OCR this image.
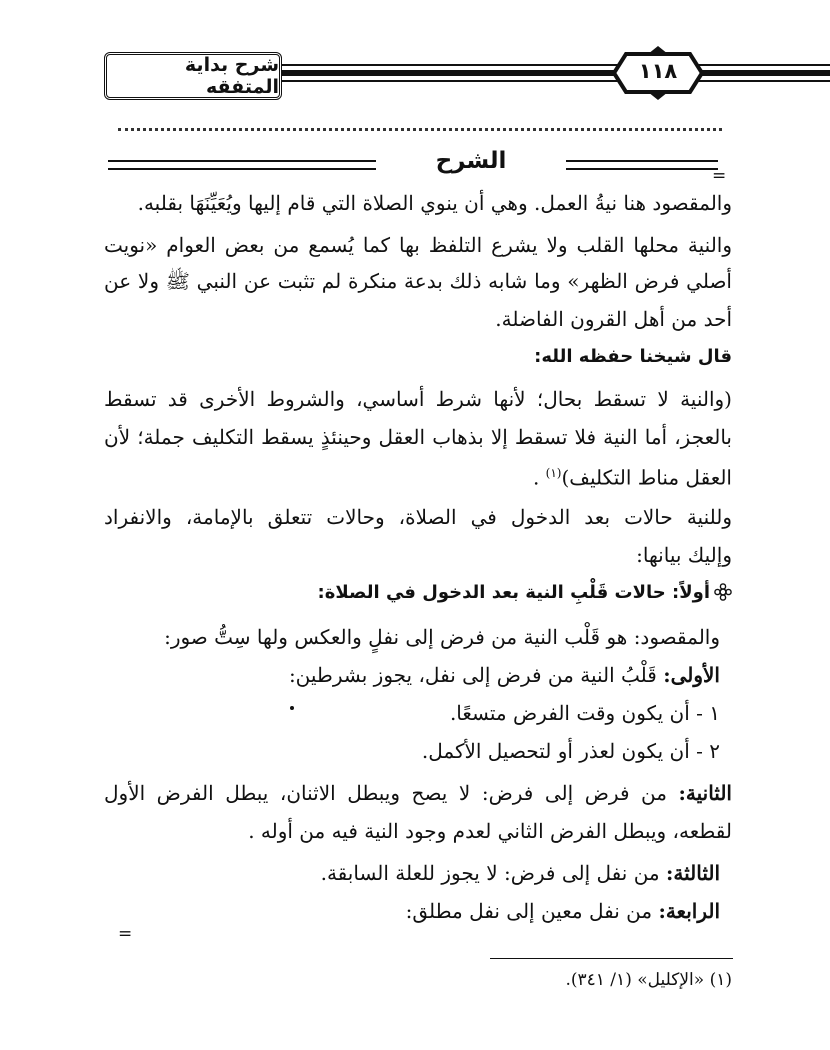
شرح بداية المتفقه
١١٨
الشرح
=
والمقصود هنا نيةُ العمل. وهي أن ينوي الصلاة التي قام إليها ويُعَيِّنَهَا بقلبه.
والنية محلها القلب ولا يشرع التلفظ بها كما يُسمع من بعض العوام «نويت
أصلي فرض الظهر» وما شابه ذلك بدعة منكرة لم تثبت عن النبي ﷺ ولا عن
أحد من أهل القرون الفاضلة.
قال شيخنا حفظه الله:
(والنية لا تسقط بحال؛ لأنها شرط أساسي، والشروط الأخرى قد تسقط
بالعجز، أما النية فلا تسقط إلا بذهاب العقل وحينئذٍ يسقط التكليف جملة؛ لأن
العقل مناط التكليف)$^{(١)}$ .
وللنية حالات بعد الدخول في الصلاة، وحالات تتعلق بالإمامة، والانفراد
وإليك بيانها:
أولاً: حالات قَلْبِ النية بعد الدخول في الصلاة:
والمقصود: هو قَلْب النية من فرض إلى نفلٍ والعكس ولها سِتُّ صور:
الأولى: قَلْبُ النية من فرض إلى نفل، يجوز بشرطين:
١ - أن يكون وقت الفرض متسعًا.
٢ - أن يكون لعذر أو لتحصيل الأكمل.
الثانية: من فرض إلى فرض: لا يصح ويبطل الاثنان، يبطل الفرض الأول
لقطعه، ويبطل الفرض الثاني لعدم وجود النية فيه من أوله .
الثالثة: من نفل إلى فرض: لا يجوز للعلة السابقة.
الرابعة: من نفل معين إلى نفل مطلق:
=
(١) «الإكليل» (١/ ٣٤١).
